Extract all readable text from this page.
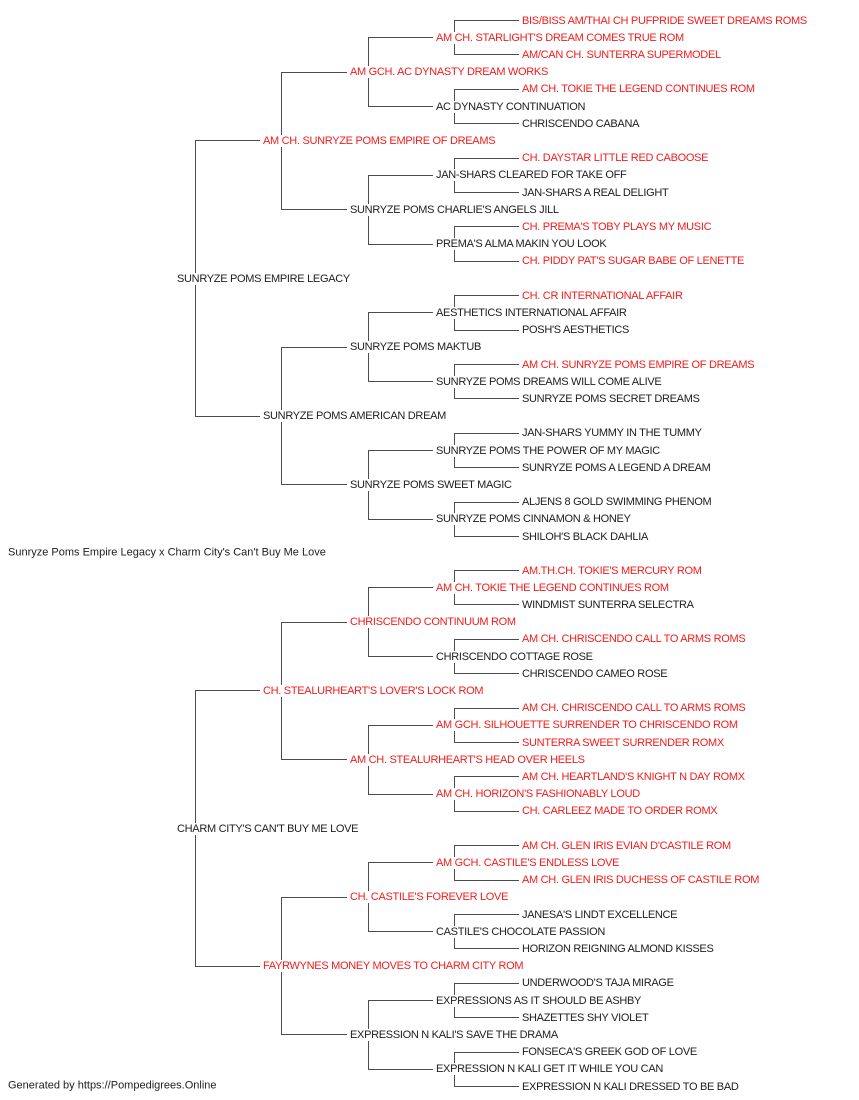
BIS/BISS AM/THAI CH PUFPRIDE SWEET DREAMS ROMS
AM CH. STARLIGHT'S DREAM COMES TRUE ROM
AM/CAN CH. SUNTERRA SUPERMODEL
AM GCH. AC DYNASTY DREAM WORKS
AM CH. TOKIE THE LEGEND CONTINUES ROM
AC DYNASTY CONTINUATION
CHRISCENDO CABANA
AM CH. SUNRYZE POMS EMPIRE OF DREAMS
CH. DAYSTAR LITTLE RED CABOOSE
JAN-SHARS CLEARED FOR TAKE OFF
JAN-SHARS A REAL DELIGHT
SUNRYZE POMS CHARLIE'S ANGELS JILL
CH. PREMA'S TOBY PLAYS MY MUSIC
PREMA'S ALMA MAKIN YOU LOOK
CH. PIDDY PAT'S SUGAR BABE OF LENETTE
SUNRYZE POMS EMPIRE LEGACY
CH. CR INTERNATIONAL AFFAIR
AESTHETICS INTERNATIONAL AFFAIR
POSH'S AESTHETICS
SUNRYZE POMS MAKTUB
AM CH. SUNRYZE POMS EMPIRE OF DREAMS
SUNRYZE POMS DREAMS WILL COME ALIVE
SUNRYZE POMS SECRET DREAMS
SUNRYZE POMS AMERICAN DREAM
JAN-SHARS YUMMY IN THE TUMMY
SUNRYZE POMS THE POWER OF MY MAGIC
SUNRYZE POMS A LEGEND A DREAM
SUNRYZE POMS SWEET MAGIC
ALJENS 8 GOLD SWIMMING PHENOM
SUNRYZE POMS CINNAMON & HONEY
SHILOH'S BLACK DAHLIA
Sunryze Poms Empire Legacy x Charm City's Can't Buy Me Love
AM.TH.CH. TOKIE'S MERCURY ROM
AM CH. TOKIE THE LEGEND CONTINUES ROM
WINDMIST SUNTERRA SELECTRA
CHRISCENDO CONTINUUM ROM
AM CH. CHRISCENDO CALL TO ARMS ROMS
CHRISCENDO COTTAGE ROSE
CHRISCENDO CAMEO ROSE
CH. STEALURHEART'S LOVER'S LOCK ROM
AM CH. CHRISCENDO CALL TO ARMS ROMS
AM GCH. SILHOUETTE SURRENDER TO CHRISCENDO ROM
SUNTERRA SWEET SURRENDER ROMX
AM CH. STEALURHEART'S HEAD OVER HEELS
AM CH. HEARTLAND'S KNIGHT N DAY ROMX
AM CH. HORIZON'S FASHIONABLY LOUD
CH. CARLEEZ MADE TO ORDER ROMX
CHARM CITY'S CAN'T BUY ME LOVE
AM CH. GLEN IRIS EVIAN D'CASTILE ROM
AM GCH. CASTILE'S ENDLESS LOVE
AM CH. GLEN IRIS DUCHESS OF CASTILE ROM
CH. CASTILE'S FOREVER LOVE
JANESA'S LINDT EXCELLENCE
CASTILE'S CHOCOLATE PASSION
HORIZON REIGNING ALMOND KISSES
FAYRWYNES MONEY MOVES TO CHARM CITY ROM
UNDERWOOD'S TAJA MIRAGE
EXPRESSIONS AS IT SHOULD BE ASHBY
SHAZETTES SHY VIOLET
EXPRESSION N KALI'S SAVE THE DRAMA
FONSECA'S GREEK GOD OF LOVE
EXPRESSION N KALI GET IT WHILE YOU CAN
EXPRESSION N KALI DRESSED TO BE BAD
Generated by https://Pompedigrees.Online
